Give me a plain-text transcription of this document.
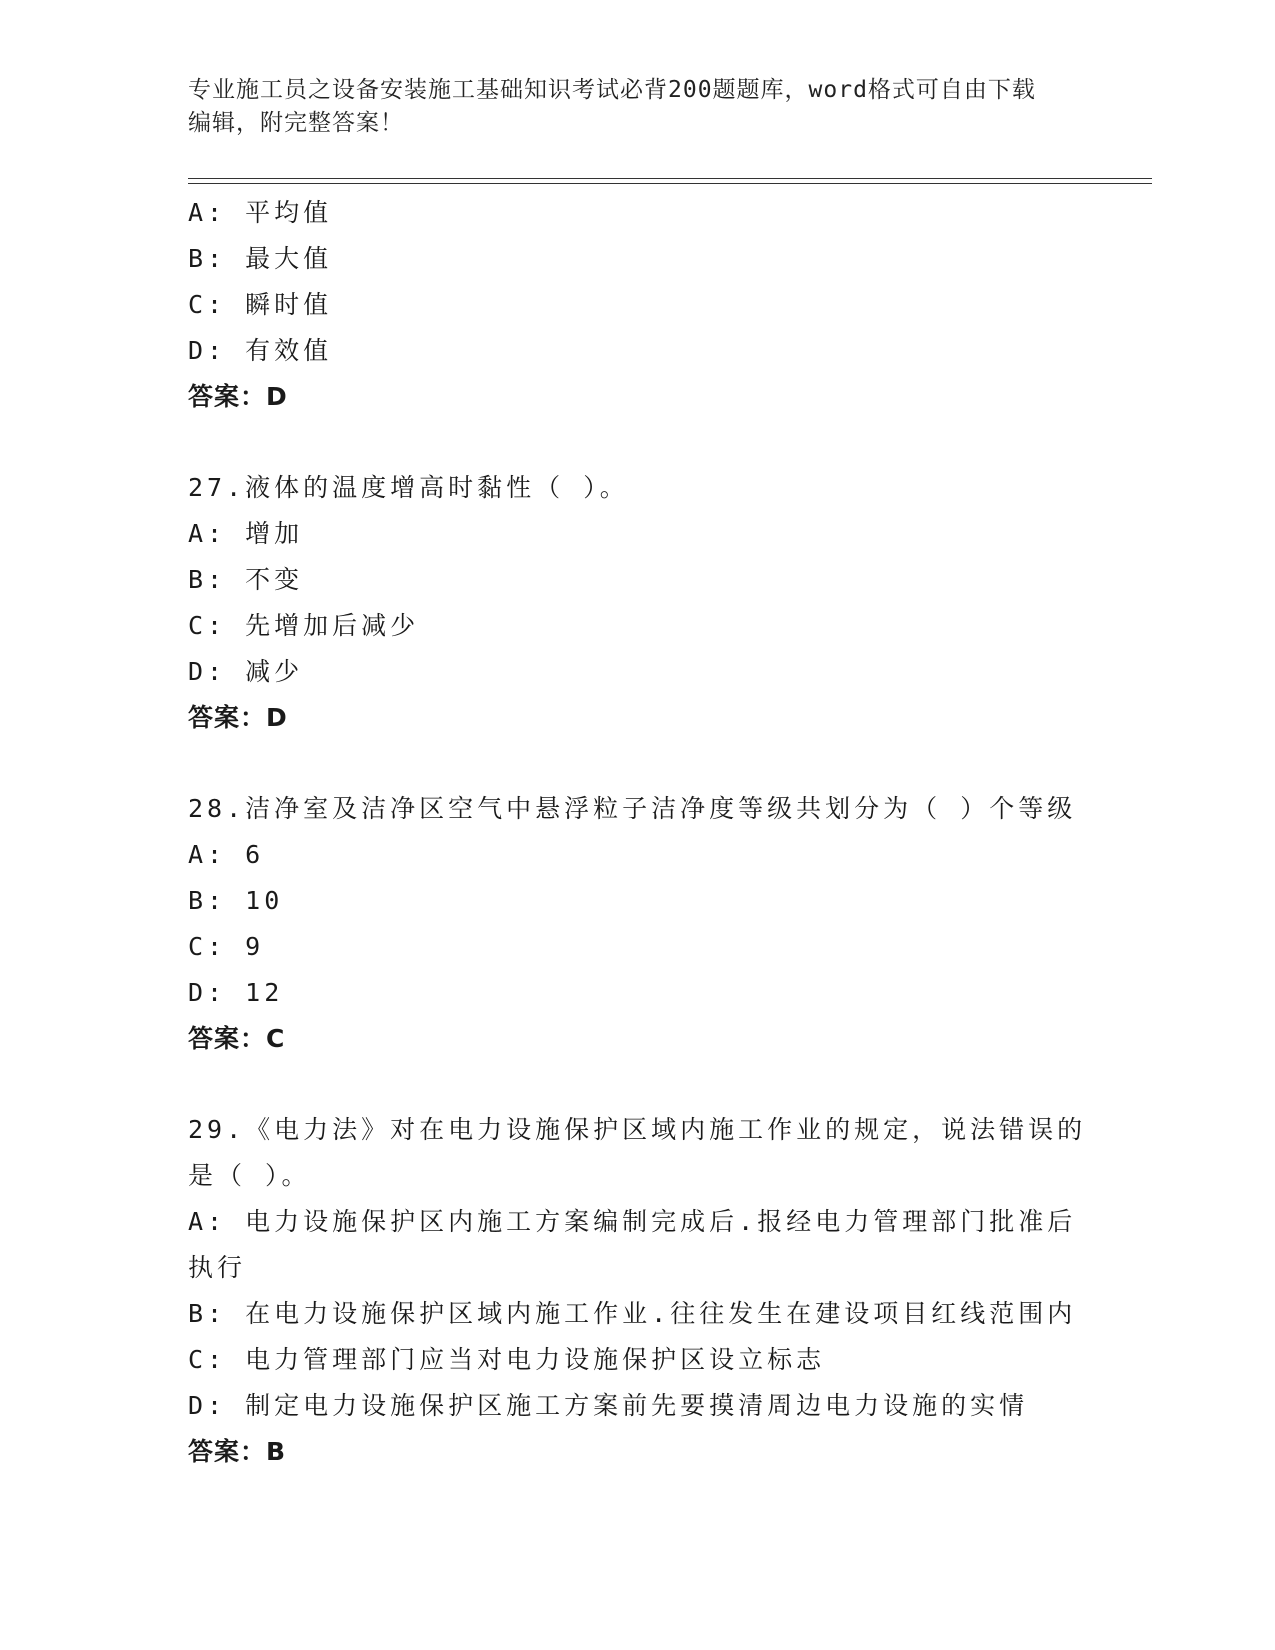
专业施工员之设备安装施工基础知识考试必背200题题库，word格式可自由下载
编辑，附完整答案！
A: 平均值
B: 最大值
C: 瞬时值
D: 有效值
答案：D
27.液体的温度增高时黏性（ ）。
A: 增加
B: 不变
C: 先增加后减少
D: 减少
答案：D
28.洁净室及洁净区空气中悬浮粒子洁净度等级共划分为（ ）个等级
A: 6
B: 10
C: 9
D: 12
答案：C
29.《电力法》对在电力设施保护区域内施工作业的规定，说法错误的
是（ ）。
A: 电力设施保护区内施工方案编制完成后.报经电力管理部门批准后
执行
B: 在电力设施保护区域内施工作业.往往发生在建设项目红线范围内
C: 电力管理部门应当对电力设施保护区设立标志
D: 制定电力设施保护区施工方案前先要摸清周边电力设施的实情
答案：B
